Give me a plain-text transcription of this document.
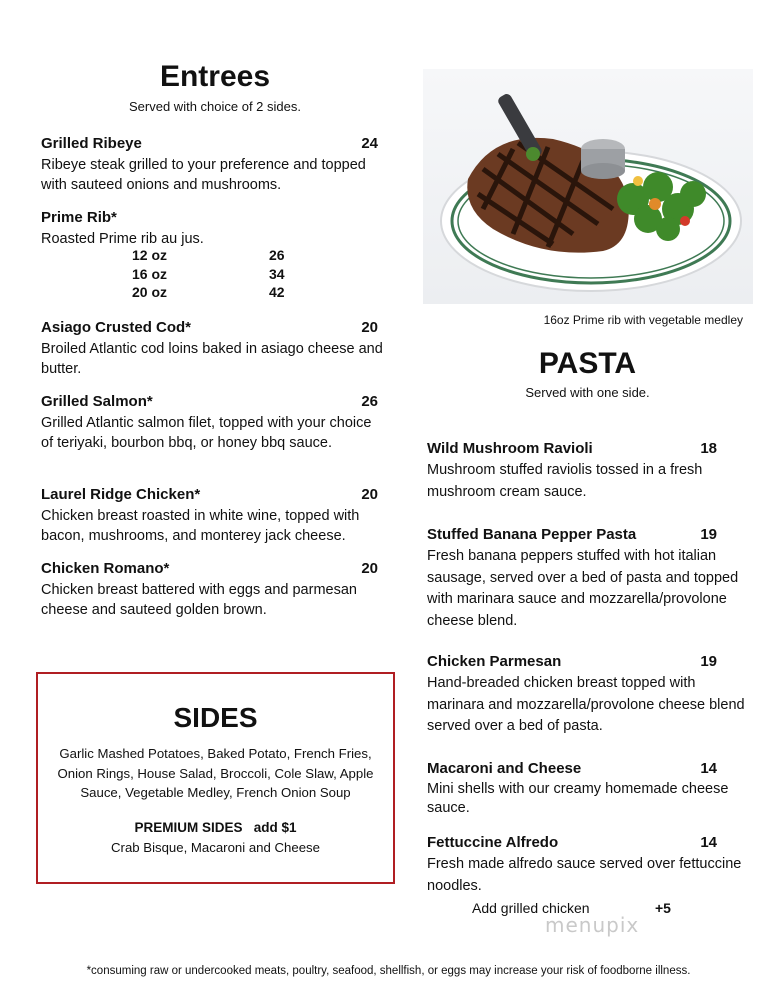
Entrees
Served with choice of 2 sides.
Grilled Ribeye	24
Ribeye steak grilled to your preference and topped with sauteed onions and mushrooms.
Prime Rib*
Roasted Prime rib au jus.
12 oz	26
16 oz	34
20 oz	42
Asiago Crusted Cod*	20
Broiled Atlantic cod loins baked in asiago cheese and butter.
Grilled Salmon*	26
Grilled Atlantic salmon filet, topped with your choice of teriyaki, bourbon bbq, or honey bbq sauce.
Laurel Ridge Chicken*	20
Chicken breast roasted in white wine, topped with bacon, mushrooms, and monterey jack cheese.
Chicken Romano*	20
Chicken breast battered with eggs and parmesan cheese and sauteed golden brown.
16oz Prime rib with vegetable medley
PASTA
Served with one side.
Wild Mushroom Ravioli	18
Mushroom stuffed raviolis tossed in a fresh mushroom cream sauce.
Stuffed Banana Pepper Pasta	19
Fresh banana peppers stuffed with hot italian sausage, served over a bed of pasta and topped with marinara sauce and mozzarella/provolone cheese blend.
Chicken Parmesan	19
Hand-breaded chicken breast topped with marinara and mozzarella/provolone cheese blend served over a bed of pasta.
Macaroni and Cheese	14
Mini shells with our creamy homemade cheese sauce.
Fettuccine Alfredo	14
Fresh made alfredo sauce served over fettuccine noodles.
Add grilled chicken	+5
menupix
SIDES
Garlic Mashed Potatoes, Baked Potato, French Fries, Onion Rings, House Salad, Broccoli, Cole Slaw, Apple Sauce, Vegetable Medley, French Onion Soup
PREMIUM SIDES   add $1
Crab Bisque, Macaroni and Cheese
*consuming raw or undercooked meats, poultry, seafood, shellfish, or eggs may increase your risk of foodborne illness.
